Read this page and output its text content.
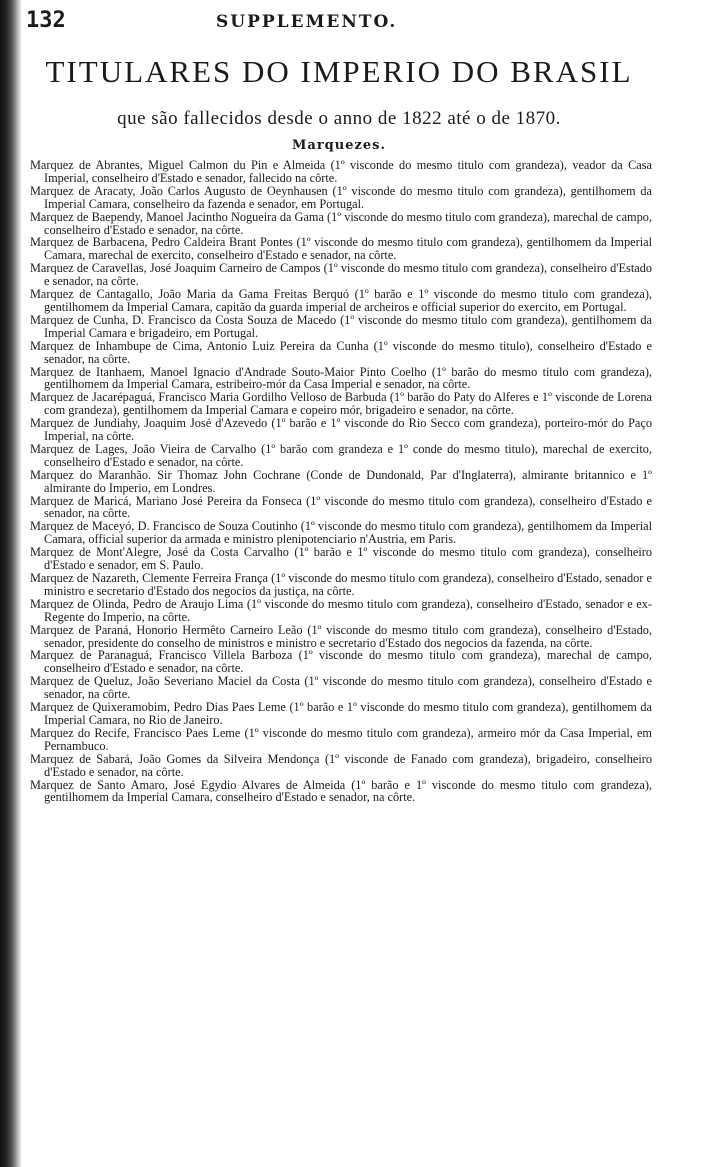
132	SUPPLEMENTO.
TITULARES DO IMPERIO DO BRASIL
que são fallecidos desde o anno de 1822 até o de 1870.
Marquezes.
Marquez de Abrantes, Miguel Calmon du Pin e Almeida (1º visconde do mesmo titulo com grandeza), veador da Casa Imperial, conselheiro d'Estado e senador, fallecido na côrte.
Marquez de Aracaty, João Carlos Augusto de Oeynhausen (1º visconde do mesmo titulo com grandeza), gentilhomem da Imperial Camara, conselheiro da fazenda e senador, em Portugal.
Marquez de Baependy, Manoel Jacintho Nogueira da Gama (1º visconde do mesmo titulo com grandeza), marechal de campo, conselheiro d'Estado e senador, na côrte.
Marquez de Barbacena, Pedro Caldeira Brant Pontes (1º visconde do mesmo titulo com grandeza), gentilhomem da Imperial Camara, marechal de exercito, conselheiro d'Estado e senador, na côrte.
Marquez de Caravellas, José Joaquim Carneiro de Campos (1º visconde do mesmo titulo com grandeza), conselheiro d'Estado e senador, na côrte.
Marquez de Cantagallo, João Maria da Gama Freitas Berquó (1º barão e 1º visconde do mesmo titulo com grandeza), gentilhomem da Imperial Camara, capitão da guarda imperial de archeiros e official superior do exercito, em Portugal.
Marquez de Cunha, D. Francisco da Costa Souza de Macedo (1º visconde do mesmo titulo com grandeza), gentilhomem da Imperial Camara e brigadeiro, em Portugal.
Marquez de Inhambupe de Cima, Antonio Luiz Pereira da Cunha (1º visconde do mesmo titulo), conselheiro d'Estado e senador, na côrte.
Marquez de Itanhaem, Manoel Ignacio d'Andrade Souto-Maior Pinto Coelho (1º barão do mesmo titulo com grandeza), gentilhomem da Imperial Camara, estribeiro-mór da Casa Imperial e senador, na côrte.
Marquez de Jacarépaguá, Francisco Maria Gordilho Velloso de Barbuda (1º barão do Paty do Alferes e 1º visconde de Lorena com grandeza), gentilhomem da Imperial Camara e copeiro mór, brigadeiro e senador, na côrte.
Marquez de Jundiahy, Joaquim José d'Azevedo (1º barão e 1º visconde do Rio Secco com grandeza), porteiro-mór do Paço Imperial, na côrte.
Marquez de Lages, João Vieira de Carvalho (1º barão com grandeza e 1º conde do mesmo titulo), marechal de exercito, conselheiro d'Estado e senador, na côrte.
Marquez do Maranhão. Sir Thomaz John Cochrane (Conde de Dundonald, Par d'Inglaterra), almirante britannico e 1º almirante do Imperio, em Londres.
Marquez de Maricá, Mariano José Pereira da Fonseca (1º visconde do mesmo titulo com grandeza), conselheiro d'Estado e senador, na côrte.
Marquez de Maceyó, D. Francisco de Souza Coutinho (1º visconde do mesmo titulo com grandeza), gentilhomem da Imperial Camara, official superior da armada e ministro plenipotenciario n'Austria, em Paris.
Marquez de Mont'Alegre, José da Costa Carvalho (1º barão e 1º visconde do mesmo titulo com grandeza), conselheiro d'Estado e senador, em S. Paulo.
Marquez de Nazareth, Clemente Ferreira França (1º visconde do mesmo titulo com grandeza), conselheiro d'Estado, senador e ministro e secretario d'Estado dos negocios da justiça, na côrte.
Marquez de Olinda, Pedro de Araujo Lima (1º visconde do mesmo titulo com grandeza), conselheiro d'Estado, senador e ex-Regente do Imperio, na côrte.
Marquez de Paraná, Honorio Hermêto Carneiro Leão (1º visconde do mesmo titulo com grandeza), conselheiro d'Estado, senador, presidente do conselho de ministros e ministro e secretario d'Estado dos negocios da fazenda, na côrte.
Marquez de Paranaguá, Francisco Villela Barboza (1º visconde do mesmo titulo com grandeza), marechal de campo, conselheiro d'Estado e senador, na côrte.
Marquez de Queluz, João Severiano Maciel da Costa (1º visconde do mesmo titulo com grandeza), conselheiro d'Estado e senador, na côrte.
Marquez de Quixeramobim, Pedro Dias Paes Leme (1º barão e 1º visconde do mesmo titulo com grandeza), gentilhomem da Imperial Camara, no Rio de Janeiro.
Marquez do Recife, Francisco Paes Leme (1º visconde do mesmo titulo com grandeza), armeiro mór da Casa Imperial, em Pernambuco.
Marquez de Sabará, João Gomes da Silveira Mendonça (1º visconde de Fanado com grandeza), brigadeiro, conselheiro d'Estado e senador, na côrte.
Marquez de Santo Amaro, José Egydio Alvares de Almeida (1º barão e 1º visconde do mesmo titulo com grandeza), gentilhomem da Imperial Camara, conselheiro d'Estado e senador, na côrte.
